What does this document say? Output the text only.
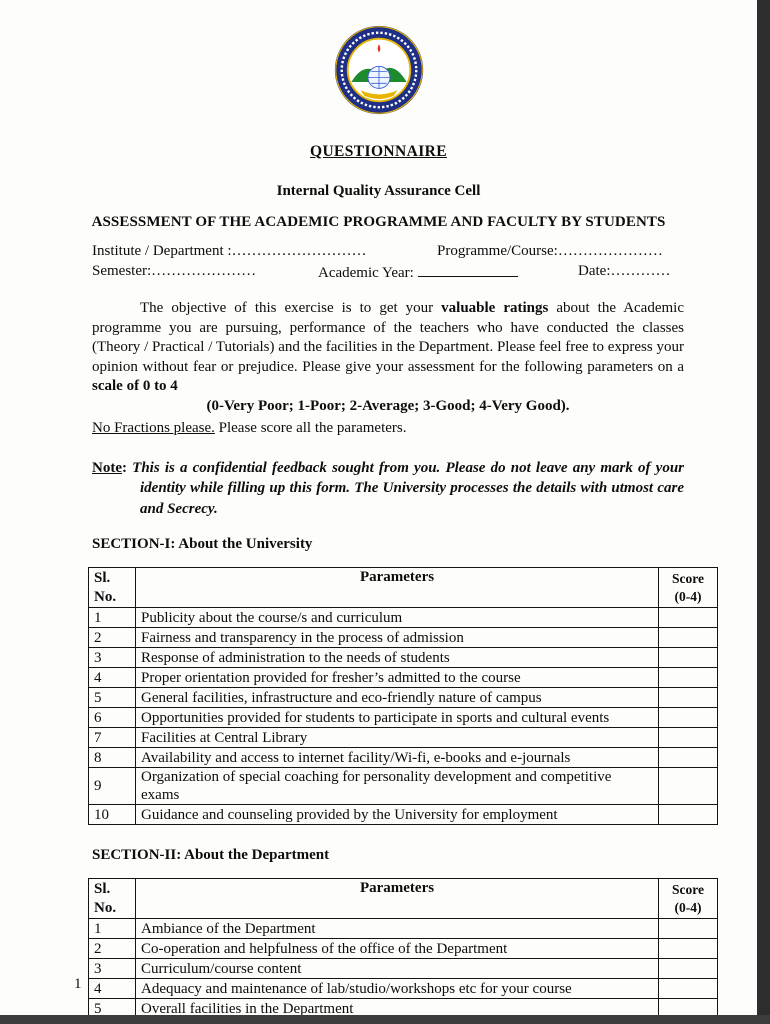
QUESTIONNAIRE
Internal Quality Assurance Cell
ASSESSMENT OF THE ACADEMIC PROGRAMME AND FACULTY BY STUDENTS
Institute / Department :………………………	Programme/Course:…………………
Semester:…………………	Academic Year:	Date:…………

The objective of this exercise is to get your valuable ratings about the Academic programme you are pursuing, performance of the teachers who have conducted the classes (Theory / Practical / Tutorials) and the facilities in the Department. Please feel free to express your opinion without fear or prejudice. Please give your assessment for the following parameters on a scale of 0 to 4

(0-Very Poor; 1-Poor; 2-Average; 3-Good; 4-Very Good).
No Fractions please. Please score all the parameters.

Note: This is a confidential feedback sought from you. Please do not leave any mark of your identity while filling up this form. The University processes the details with utmost care and Secrecy.

SECTION-I: About the University
Sl.
No.
	Parameters	Score
(0-4)

1	Publicity about the course/s and curriculum	
2	Fairness and transparency in the process of admission	
3	Response of administration to the needs of students	
4	Proper orientation provided for fresher’s admitted to the course	
5	General facilities, infrastructure and eco-friendly nature of campus	
6	Opportunities provided for students to participate in sports and cultural events	
7	Facilities at Central Library	
8	Availability and access to internet facility/Wi-fi, e-books and e-journals	
9	Organization of special coaching for personality development and competitive exams	
10	Guidance and counseling provided by the University for employment	
SECTION-II: About the Department
Sl.
No.
	Parameters	Score
(0-4)

1	Ambiance of the Department	
2	Co-operation and helpfulness of the office of the Department	
3	Curriculum/course content	
4	Adequacy and maintenance of lab/studio/workshops etc for your course	
5	Overall facilities in the Department	
1
